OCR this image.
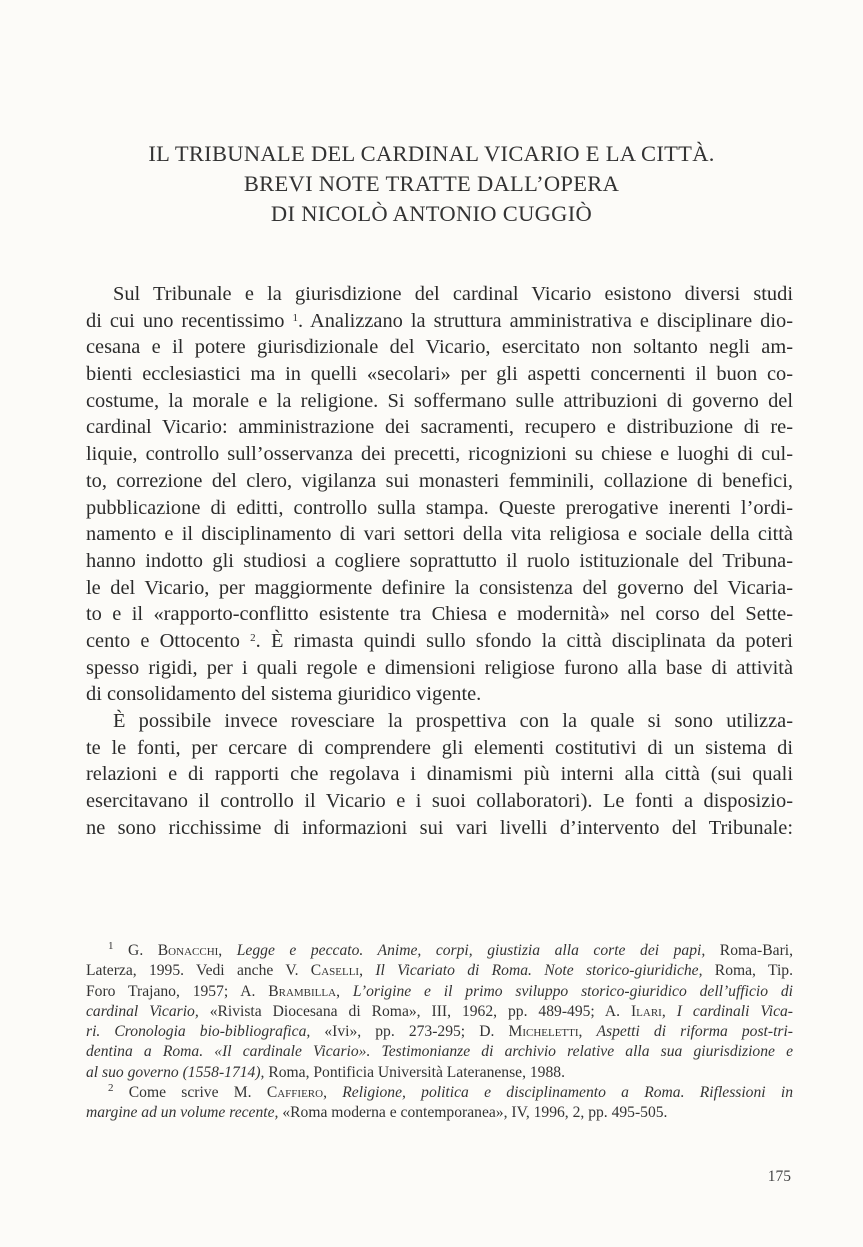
IL TRIBUNALE DEL CARDINAL VICARIO E LA CITTÀ.
BREVI NOTE TRATTE DALL’OPERA
DI NICOLÒ ANTONIO CUGGIÒ
Sul Tribunale e la giurisdizione del cardinal Vicario esistono diversi studi
di cui uno recentissimo $^1$. Analizzano la struttura amministrativa e disciplinare dio-
cesana e il potere giurisdizionale del Vicario, esercitato non soltanto negli am-
bienti ecclesiastici ma in quelli «secolari» per gli aspetti concernenti il buon co-
costume, la morale e la religione. Si soffermano sulle attribuzioni di governo del
cardinal Vicario: amministrazione dei sacramenti, recupero e distribuzione di re-
liquie, controllo sull’osservanza dei precetti, ricognizioni su chiese e luoghi di cul-
to, correzione del clero, vigilanza sui monasteri femminili, collazione di benefici,
pubblicazione di editti, controllo sulla stampa. Queste prerogative inerenti l’ordi-
namento e il disciplinamento di vari settori della vita religiosa e sociale della città
hanno indotto gli studiosi a cogliere soprattutto il ruolo istituzionale del Tribuna-
le del Vicario, per maggiormente definire la consistenza del governo del Vicaria-
to e il «rapporto-conflitto esistente tra Chiesa e modernità» nel corso del Sette-
cento e Ottocento $^2$. È rimasta quindi sullo sfondo la città disciplinata da poteri
spesso rigidi, per i quali regole e dimensioni religiose furono alla base di attività
di consolidamento del sistema giuridico vigente.
È possibile invece rovesciare la prospettiva con la quale si sono utilizza-
te le fonti, per cercare di comprendere gli elementi costitutivi di un sistema di
relazioni e di rapporti che regolava i dinamismi più interni alla città (sui quali
esercitavano il controllo il Vicario e i suoi collaboratori). Le fonti a disposizio-
ne sono ricchissime di informazioni sui vari livelli d’intervento del Tribunale:
$^1$ G. Bonacchi, Legge e peccato. Anime, corpi, giustizia alla corte dei papi, Roma-Bari,
Laterza, 1995. Vedi anche V. Caselli, Il Vicariato di Roma. Note storico-giuridiche, Roma, Tip.
Foro Trajano, 1957; A. Brambilla, L’origine e il primo sviluppo storico-giuridico dell’ufficio di
cardinal Vicario, «Rivista Diocesana di Roma», III, 1962, pp. 489-495; A. Ilari, I cardinali Vica-
ri. Cronologia bio-bibliografica, «Ivi», pp. 273-295; D. Micheletti, Aspetti di riforma post-tri-
dentina a Roma. «Il cardinale Vicario». Testimonianze di archivio relative alla sua giurisdizione e
al suo governo (1558-1714), Roma, Pontificia Università Lateranense, 1988.
$^2$ Come scrive M. Caffiero, Religione, politica e disciplinamento a Roma. Riflessioni in
margine ad un volume recente, «Roma moderna e contemporanea», IV, 1996, 2, pp. 495-505.
175
